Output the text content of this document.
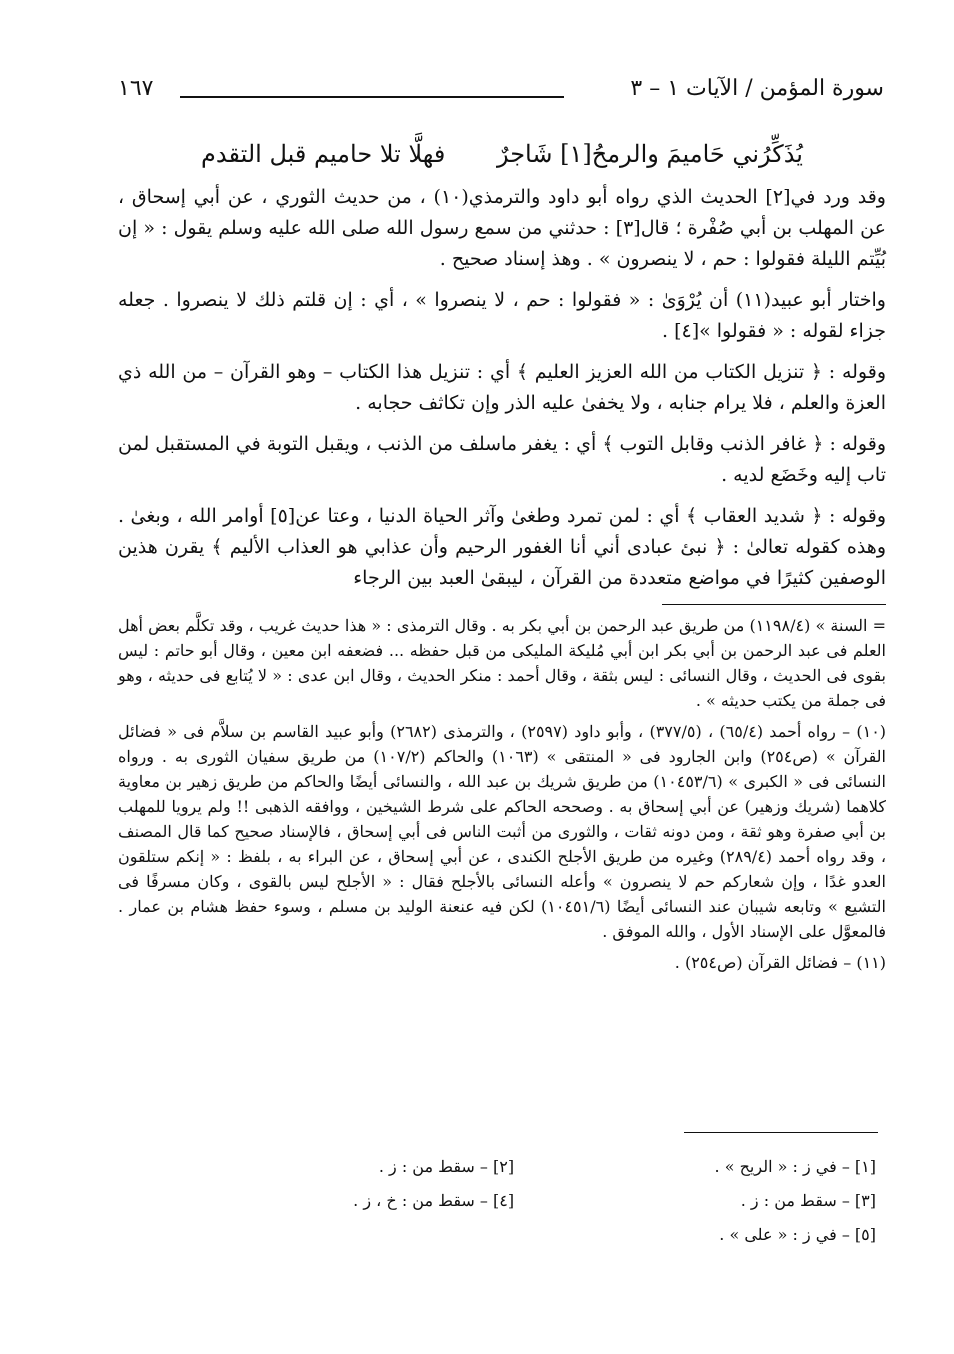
سورة المؤمن / الآيات ١ – ٣
١٦٧
يُذَكِّرُني حَاميمَ والرمحُ[١] شَاجرٌ فهلَّا تلا حاميم قبل التقدم

وقد ورد في[٢] الحديث الذي رواه أبو داود والترمذي(١٠) ، من حديث الثوري ، عن أبي إسحاق ، عن المهلب بن أبي صُفْرة ؛ قال[٣] : حدثني من سمع رسول الله صلى الله عليه وسلم يقول : « إن بُيِّتم الليلة فقولوا : حم ، لا ينصرون » . وهذ إسناد صحيح .

واختار أبو عبيد(١١) أن يُرْوَىٰ : « فقولوا : حم ، لا ينصروا » ، أي : إن قلتم ذلك لا ينصروا . جعله جزاء لقوله : « فقولوا »[٤] .

وقوله : ﴿ تنزيل الكتاب من الله العزيز العليم ﴾ أي : تنزيل هذا الكتاب – وهو القرآن – من الله ذي العزة والعلم ، فلا يرام جنابه ، ولا يخفىٰ عليه الذر وإن تكاثف حجابه .

وقوله : ﴿ غافر الذنب وقابل التوب ﴾ أي : يغفر ماسلف من الذنب ، ويقبل التوبة في المستقبل لمن تاب إليه وخَضَع لديه .

وقوله : ﴿ شديد العقاب ﴾ أي : لمن تمرد وطغىٰ وآثر الحياة الدنيا ، وعتا عن[٥] أوامر الله ، وبغىٰ . وهذه كقوله تعالىٰ : ﴿ نبئ عبادى أني أنا الغفور الرحيم وأن عذابي هو العذاب الأليم ﴾ يقرن هذين الوصفين كثيرًا في مواضع متعددة من القرآن ، ليبقىٰ العبد بين الرجاء

= السنة » (١١٩٨/٤) من طريق عبد الرحمن بن أبي بكر به . وقال الترمذى : « هذا حديث غريب ، وقد تكلَّم بعض أهل العلم فى عبد الرحمن بن أبي بكر ابن أبي مُليكة المليكى من قبل حفظه ... فضعفه ابن معين ، وقال أبو حاتم : ليس بقوى فى الحديث ، وقال النسائى : ليس بثقة ، وقال أحمد : منكر الحديث ، وقال ابن عدى : « لا يُتابع فى حديثه ، وهو فى جملة من يكتب حديثه » .

(١٠) – رواه أحمد (٦٥/٤) ، (٣٧٧/٥) ، وأبو داود (٢٥٩٧) ، والترمذى (٢٦٨٢) وأبو عبيد القاسم بن سلاَّم فى « فضائل القرآن » (ص٢٥٤) وابن الجارود فى « المنتقى » (١٠٦٣) والحاكم (١٠٧/٢) من طريق سفيان الثورى به . ورواه النسائى فى « الكبرى » (١٠٤٥٣/٦) من طريق شريك بن عبد الله ، والنسائى أيضًا والحاكم من طريق زهير بن معاوية كلاهما (شريك وزهير) عن أبي إسحاق به . وصححه الحاكم على شرط الشيخين ، ووافقه الذهبى !! ولم يرويا للمهلب بن أبي صفرة وهو ثقة ، ومن دونه ثقات ، والثورى من أثبت الناس فى أبي إسحاق ، فالإسناد صحيح كما قال المصنف ، وقد رواه أحمد (٢٨٩/٤) وغيره من طريق الأجلح الكندى ، عن أبي إسحاق ، عن البراء به ، بلفظ : « إنكم ستلقون العدو غدًا ، وإن شعاركم حم لا ينصرون » وأعله النسائى بالأجلح فقال : « الأجلح ليس بالقوى ، وكان مسرفًا فى التشيع » وتابعه شيبان عند النسائى أيضًا (١٠٤٥١/٦) لكن فيه عنعنة الوليد بن مسلم ، وسوء حفظ هشام بن عمار . فالمعوَّل على الإسناد الأول ، والله الموفق .

(١١) – فضائل القرآن (ص٢٥٤) .

[١] – في ز : « الريح » .
[٢] – سقط من : ز .
[٣] – سقط من : ز .
[٤] – سقط من : خ ، ز .
[٥] – في ز : « على » .
